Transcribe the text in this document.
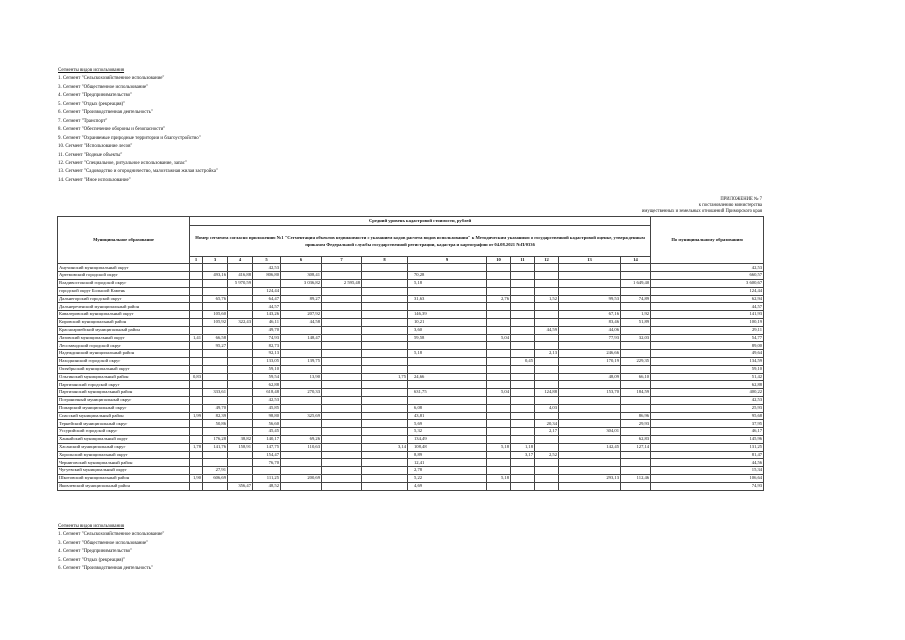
Сегменты видов использования
1. Сегмент "Сельскохозяйственное использование"
3. Сегмент "Общественное использование"
4. Сегмент "Предпринимательство"
5. Сегмент "Отдых (рекреация)"
6. Сегмент "Производственная деятельность"
7. Сегмент "Транспорт"
8. Сегмент "Обеспечение обороны и безопасности"
9. Сегмент "Охраняемые природные территории и благоустройство"
10. Сегмент "Использование лесов"
11. Сегмент "Водные объекты"
12. Сегмент "Специальное, ритуальное использование, запас"
13. Сегмент "Садоводство и огородничество, малоэтажная жилая застройка"
14. Сегмент "Иное использование"
ПРИЛОЖЕНИЕ № 7
к постановлению министерства
имущественных и земельных отношений Приморского края
Муниципальное образование	Средний уровень кадастровой стоимости, рублей													По муниципальному образованию
	Номер сегмента согласно приложению №1 "Сегментация объектов недвижимости с указанием кодов расчета видов использования" к Методическим указаниям о государственной кадастровой оценке, утвержденным приказом Федеральной службы государственной регистрации, кадастра и картографии от 04.08.2021 №П/0336													
	1	3	4	5	6	7	8	9	10	11	12	13	14	
Анучинский муниципальный округ				42,53										42,53
Артемовский городской округ		493,16	416,88	806,80	308,41			70,28						660,57
Владивостокский городской округ			5 970,59		3 036,82	2 595,48		5,18					1 649,40	3 600,67
городской округ Большой Камень				124,44										124,44
Дальнегорский городской округ		65,76		64,47	89,27			31,63	2,76		1,52	99,53	74,89	62,94
Дальнереченский муниципальный район				44,57										44,57
Кавалеровский муниципальный округ		105,60		143,26	207,92			146,39				67,16	1,92	141,93
Кировский муниципальный район		105,92	322,43	46,11	44,58			10,21				83,46	51,89	100,19
Красноармейский муниципальный район				49,70				3,60			44,59	44,06		29,11
Лазовский муниципальный округ	1,41	66,58		74,93	148,47			59,58	5,04			77,93	32,03	54,77
Лесозаводский городской округ		95,27		82,73										89,00
Надеждинский муниципальный район				92,13				5,18			2,13	246,66		49,64
Находкинский городской округ				133,05	139,75					0,45		170,19	229,35	134,59
Октябрьский муниципальный округ				59,10										59,10
Ольгинский муниципальный район	0,83			59,54	13,90		1,75	24,66				48,09	66,10	51,42
Партизанский городской округ				62,88										62,88
Партизанский муниципальный район		333,61		618,48	270,33			631,75	5,04		124,88	153,70	184,59	400,22
Пограничный муниципальный округ				42,53										42,53
Пожарский муниципальный округ		49,70		45,85				6,08			4,03			25,93
Спасский муниципальный район	1,99	82,39		98,80	325,69			43,81					86,96	95,68
Тернейский муниципальный округ		50,86		56,60				5,69			20,34		29,93	37,95
Уссурийский городской округ				45,45				5,32			2,17	304,01		46,17
Ханкайский муниципальный округ		176,28	38,82	140,17	69,26			134,49					62,83	145,96
Хасанский муниципальный округ	1,78	141,76	158,91	147,75	110,63		3,14	108,48	5,18	1,18		142,45	127,14	131,25
Хорольский муниципальный округ				154,47				8,89		3,17	2,52			81,47
Черниговский муниципальный район				76,70				12,41						44,56
Чугуевский муниципальный округ		27,91						2,78						15,34
Шкотовский муниципальный район	1,90	606,69		111,25	200,69			5,22	5,18			293,13	112,46	106,64
Яковлевский муниципальный район			356,47	48,52				4,69						74,93
Сегменты видов использования
1. Сегмент "Сельскохозяйственное использование"
3. Сегмент "Общественное использование"
4. Сегмент "Предпринимательство"
5. Сегмент "Отдых (рекреация)"
6. Сегмент "Производственная деятельность"
